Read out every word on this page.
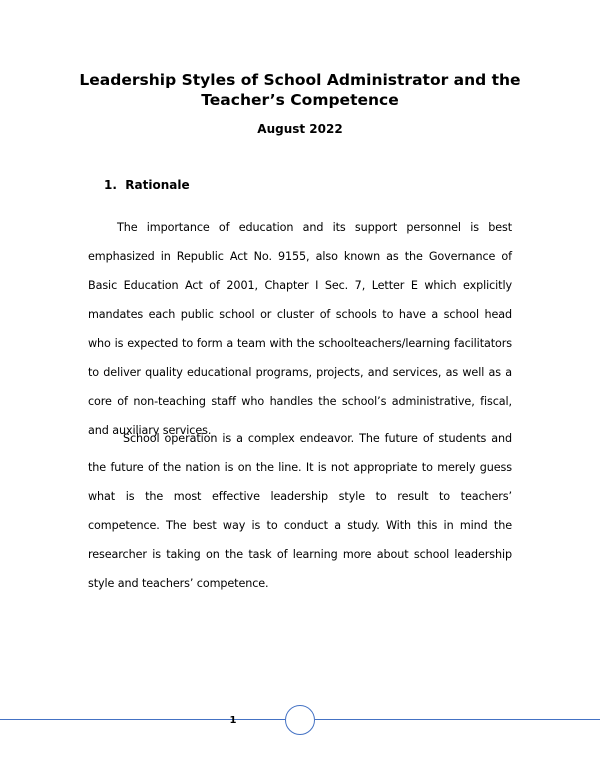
Leadership Styles of School Administrator and the
Teacher’s Competence

August 2022

1. Rationale

The importance of education and its support personnel is best emphasized in Republic Act No. 9155, also known as the Governance of Basic Education Act of 2001, Chapter I Sec. 7, Letter E which explicitly mandates each public school or cluster of schools to have a school head who is expected to form a team with the schoolteachers/learning facilitators to deliver quality educational programs, projects, and services, as well as a core of non-teaching staff who handles the school’s administrative, fiscal, and auxiliary services.

School operation is a complex endeavor. The future of students and the future of the nation is on the line. It is not appropriate to merely guess what is the most effective leadership style to result to teachers’ competence. The best way is to conduct a study. With this in mind the researcher is taking on the task of learning more about school leadership style and teachers’ competence.

1
